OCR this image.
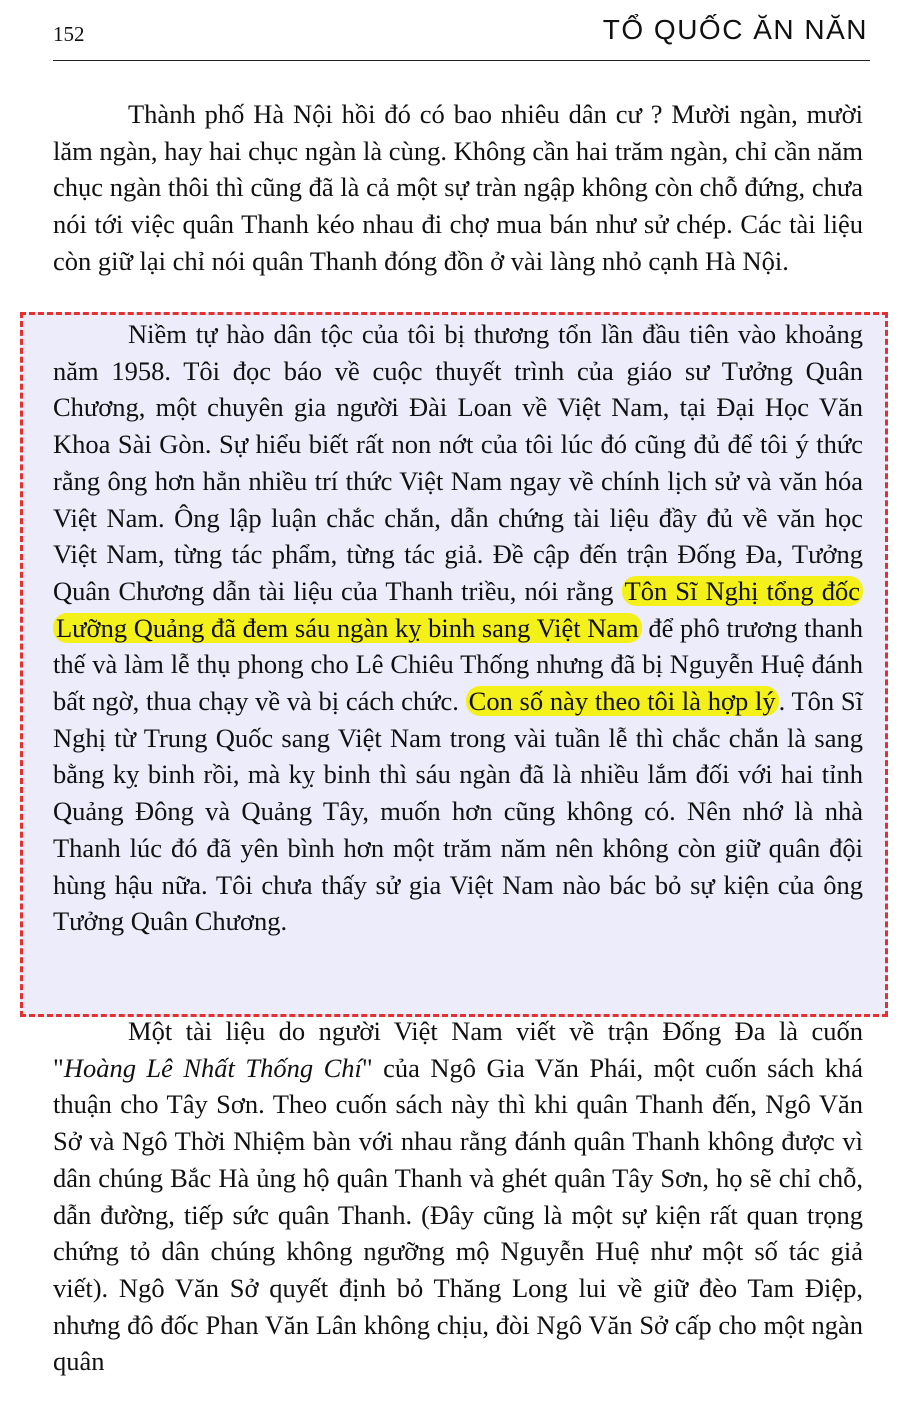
152	TỔ QUỐC ĂN NĂN

Thành phố Hà Nội hồi đó có bao nhiêu dân cư ? Mười ngàn, mười lăm ngàn, hay hai chục ngàn là cùng. Không cần hai trăm ngàn, chỉ cần năm chục ngàn thôi thì cũng đã là cả một sự tràn ngập không còn chỗ đứng, chưa nói tới việc quân Thanh kéo nhau đi chợ mua bán như sử chép. Các tài liệu còn giữ lại chỉ nói quân Thanh đóng đồn ở vài làng nhỏ cạnh Hà Nội.

Niềm tự hào dân tộc của tôi bị thương tổn lần đầu tiên vào khoảng năm 1958. Tôi đọc báo về cuộc thuyết trình của giáo sư Tưởng Quân Chương, một chuyên gia người Đài Loan về Việt Nam, tại Đại Học Văn Khoa Sài Gòn. Sự hiểu biết rất non nớt của tôi lúc đó cũng đủ để tôi ý thức rằng ông hơn hẳn nhiều trí thức Việt Nam ngay về chính lịch sử và văn hóa Việt Nam. Ông lập luận chắc chắn, dẫn chứng tài liệu đầy đủ về văn học Việt Nam, từng tác phẩm, từng tác giả. Đề cập đến trận Đống Đa, Tưởng Quân Chương dẫn tài liệu của Thanh triều, nói rằng Tôn Sĩ Nghị tổng đốc Lưỡng Quảng đã đem sáu ngàn kỵ binh sang Việt Nam để phô trương thanh thế và làm lễ thụ phong cho Lê Chiêu Thống nhưng đã bị Nguyễn Huệ đánh bất ngờ, thua chạy về và bị cách chức. Con số này theo tôi là hợp lý . Tôn Sĩ Nghị từ Trung Quốc sang Việt Nam trong vài tuần lễ thì chắc chắn là sang bằng kỵ binh rồi, mà kỵ binh thì sáu ngàn đã là nhiều lắm đối với hai tỉnh Quảng Đông và Quảng Tây, muốn hơn cũng không có. Nên nhớ là nhà Thanh lúc đó đã yên bình hơn một trăm năm nên không còn giữ quân đội hùng hậu nữa. Tôi chưa thấy sử gia Việt Nam nào bác bỏ sự kiện của ông Tưởng Quân Chương.

Một tài liệu do người Việt Nam viết về trận Đống Đa là cuốn "Hoàng Lê Nhất Thống Chí" của Ngô Gia Văn Phái, một cuốn sách khá thuận cho Tây Sơn. Theo cuốn sách này thì khi quân Thanh đến, Ngô Văn Sở và Ngô Thời Nhiệm bàn với nhau rằng đánh quân Thanh không được vì dân chúng Bắc Hà ủng hộ quân Thanh và ghét quân Tây Sơn, họ sẽ chỉ chỗ, dẫn đường, tiếp sức quân Thanh. (Đây cũng là một sự kiện rất quan trọng chứng tỏ dân chúng không ngưỡng mộ Nguyễn Huệ như một số tác giả viết). Ngô Văn Sở quyết định bỏ Thăng Long lui về giữ đèo Tam Điệp, nhưng đô đốc Phan Văn Lân không chịu, đòi Ngô Văn Sở cấp cho một ngàn quân
